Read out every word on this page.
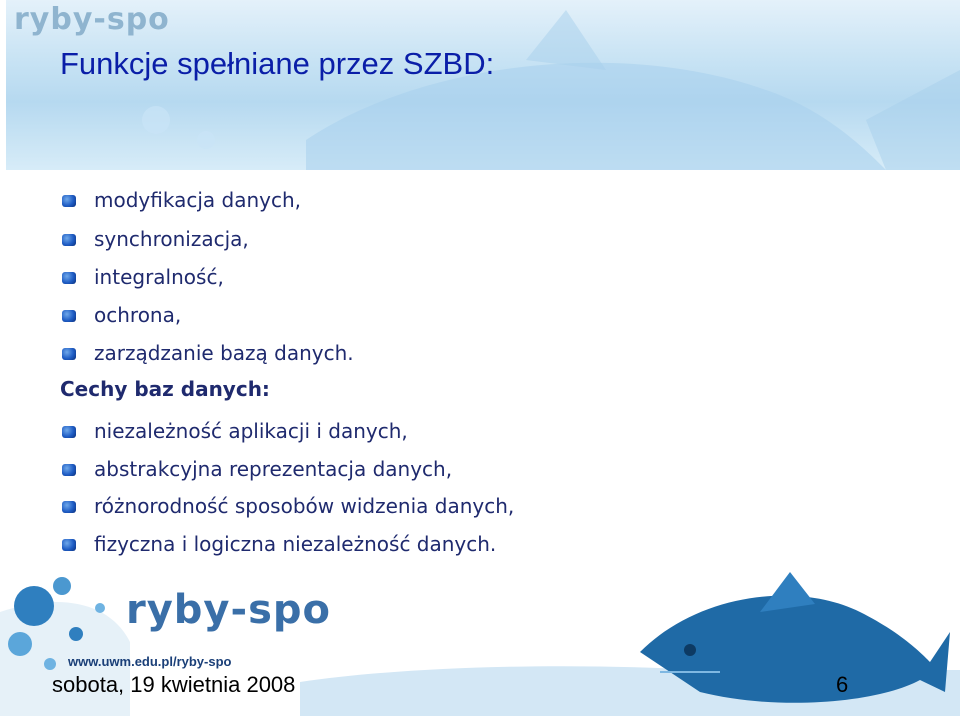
ryby-spo
Funkcje spełniane przez SZBD:
modyfikacja danych,
synchronizacja,
integralność,
ochrona,
zarządzanie bazą danych.
Cechy baz danych:
niezależność aplikacji i danych,
abstrakcyjna reprezentacja danych,
różnorodność sposobów widzenia danych,
fizyczna i logiczna niezależność danych.
ryby-spo
www.uwm.edu.pl/ryby-spo
sobota, 19 kwietnia 2008	6
